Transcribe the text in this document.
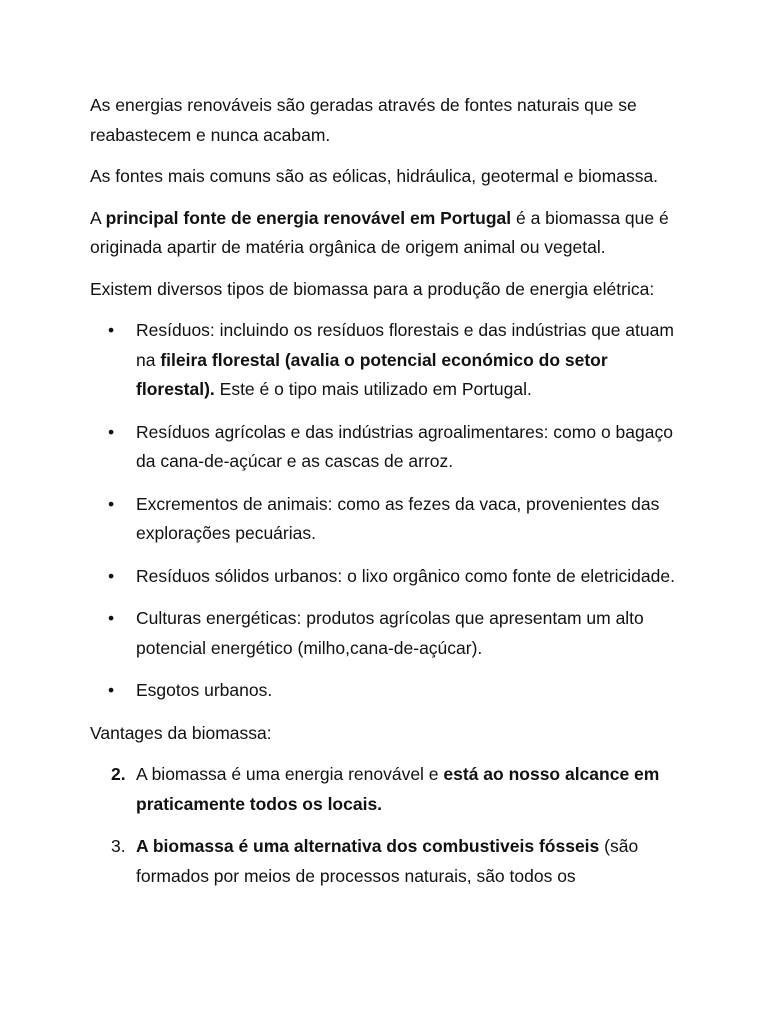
As energias renováveis são geradas através de fontes naturais que se reabastecem e nunca acabam.

As fontes mais comuns são as eólicas, hidráulica, geotermal e biomassa.

A principal fonte de energia renovável em Portugal é a biomassa que é originada apartir de matéria orgânica de origem animal ou vegetal.

Existem diversos tipos de biomassa para a produção de energia elétrica:

• Resíduos: incluindo os resíduos florestais e das indústrias que atuam na fileira florestal (avalia o potencial económico do setor florestal). Este é o tipo mais utilizado em Portugal.
• Resíduos agrícolas e das indústrias agroalimentares: como o bagaço da cana-de-açúcar e as cascas de arroz.
• Excrementos de animais: como as fezes da vaca, provenientes das explorações pecuárias.
• Resíduos sólidos urbanos: o lixo orgânico como fonte de eletricidade.
• Culturas energéticas: produtos agrícolas que apresentam um alto potencial energético (milho,cana-de-açúcar).
• Esgotos urbanos.

Vantages da biomassa:

2. A biomassa é uma energia renovável e está ao nosso alcance em praticamente todos os locais.
3. A biomassa é uma alternativa dos combustiveis fósseis (são formados por meios de processos naturais, são todos os
